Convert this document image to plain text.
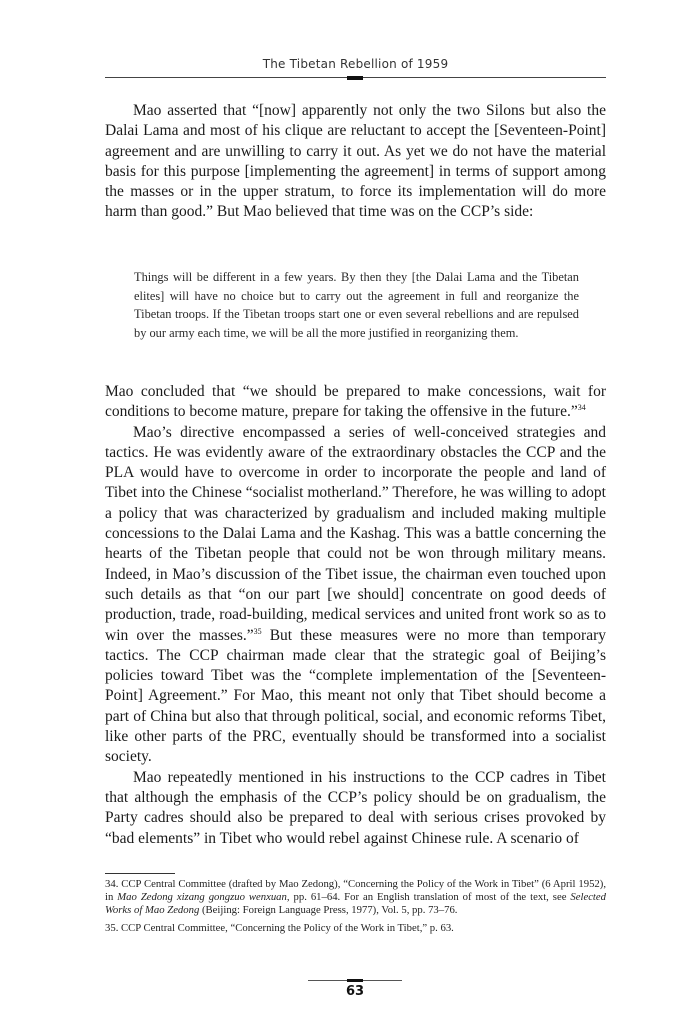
The Tibetan Rebellion of 1959

Mao asserted that “[now] apparently not only the two Silons but also the Dalai Lama and most of his clique are reluctant to accept the [Seventeen-Point] agreement and are unwilling to carry it out. As yet we do not have the material basis for this purpose [implementing the agreement] in terms of support among the masses or in the upper stratum, to force its implementation will do more harm than good.” But Mao believed that time was on the CCP’s side:

Things will be different in a few years. By then they [the Dalai Lama and the Tibetan elites] will have no choice but to carry out the agreement in full and reorganize the Tibetan troops. If the Tibetan troops start one or even several rebellions and are repulsed by our army each time, we will be all the more justified in reorganizing them.

Mao concluded that “we should be prepared to make concessions, wait for conditions to become mature, prepare for taking the offensive in the future.”$^{34}$

Mao’s directive encompassed a series of well-conceived strategies and tactics. He was evidently aware of the extraordinary obstacles the CCP and the PLA would have to overcome in order to incorporate the people and land of Tibet into the Chinese “socialist motherland.” Therefore, he was willing to adopt a policy that was characterized by gradualism and included making multiple concessions to the Dalai Lama and the Kashag. This was a battle concerning the hearts of the Tibetan people that could not be won through military means. Indeed, in Mao’s discussion of the Tibet issue, the chairman even touched upon such details as that “on our part [we should] concentrate on good deeds of production, trade, road-building, medical services and united front work so as to win over the masses.”$^{35}$ But these measures were no more than temporary tactics. The CCP chairman made clear that the strategic goal of Beijing’s policies toward Tibet was the “complete implementation of the [Seventeen-Point] Agreement.” For Mao, this meant not only that Tibet should become a part of China but also that through political, social, and economic reforms Tibet, like other parts of the PRC, eventually should be transformed into a socialist society.

Mao repeatedly mentioned in his instructions to the CCP cadres in Tibet that although the emphasis of the CCP’s policy should be on gradualism, the Party cadres should also be prepared to deal with serious crises provoked by “bad elements” in Tibet who would rebel against Chinese rule. A scenario of

34. CCP Central Committee (drafted by Mao Zedong), “Concerning the Policy of the Work in Tibet” (6 April 1952), in Mao Zedong xizang gongzuo wenxuan, pp. 61–64. For an English translation of most of the text, see Selected Works of Mao Zedong (Beijing: Foreign Language Press, 1977), Vol. 5, pp. 73–76.

35. CCP Central Committee, “Concerning the Policy of the Work in Tibet,” p. 63.

63
